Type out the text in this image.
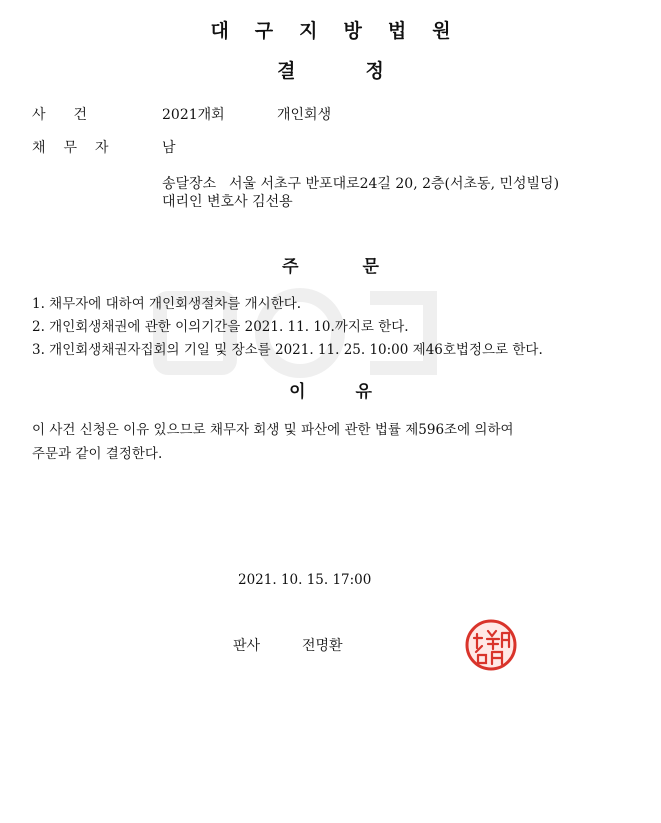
대구지방법원
결정
사건	2021개회	개인회생
채무자	남
송달장소 서울 서초구 반포대로24길 20, 2층(서초동, 민성빌딩)
대리인 변호사 김선용
주문
1. 채무자에 대하여 개인회생절차를 개시한다.
2. 개인회생채권에 관한 이의기간을 2021. 11. 10.까지로 한다.
3. 개인회생채권자집회의 기일 및 장소를 2021. 11. 25. 10:00 제46호법정으로 한다.
이유
이 사건 신청은 이유 있으므로 채무자 회생 및 파산에 관한 법률 제596조에 의하여
주문과 같이 결정한다.
2021. 10. 15. 17:00
판사	전명환
